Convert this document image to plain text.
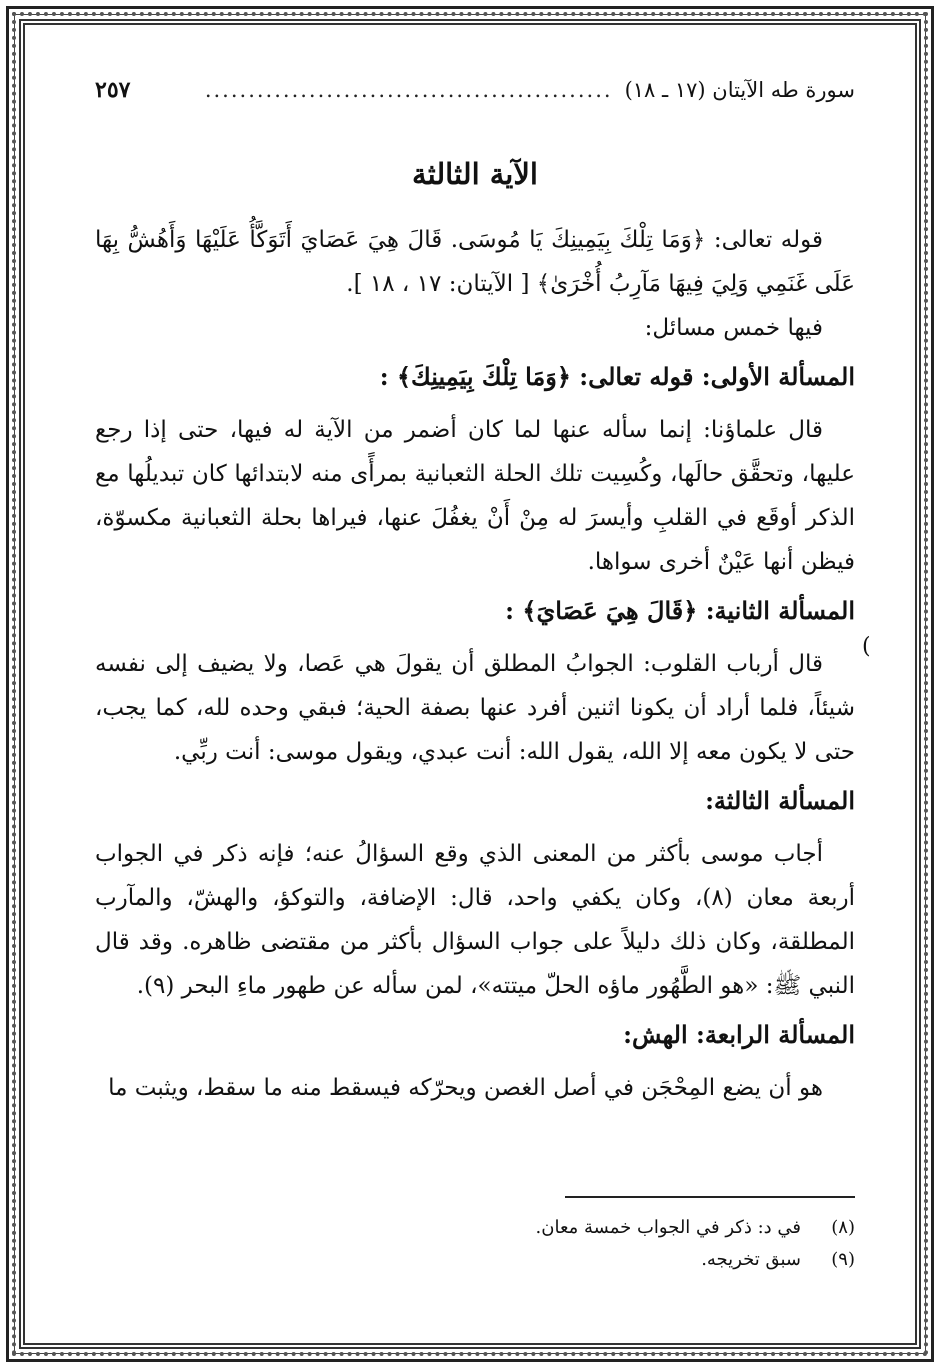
سورة طه الآيتان (١٧ ـ ١٨)
...............................................
٢٥٧
الآية الثالثة

قوله تعالى: ﴿وَمَا تِلْكَ بِيَمِينِكَ يَا مُوسَى. قَالَ هِيَ عَصَايَ أَتَوَكَّأُ عَلَيْهَا وَأَهُشُّ بِهَا عَلَى غَنَمِي وَلِيَ فِيهَا مَآرِبُ أُخْرَىٰ﴾ [ الآيتان: ١٧ ، ١٨ ].

فيها خمس مسائل:

المسألة الأولى: قوله تعالى: ﴿وَمَا تِلْكَ بِيَمِينِكَ﴾ :

قال علماؤنا: إنما سأله عنها لما كان أضمر من الآية له فيها، حتى إذا رجع عليها، وتحقَّق حالَها، وكُسِيت تلك الحلة الثعبانية بمرأًى منه لابتدائها كان تبديلُها مع الذكر أوقَع في القلبِ وأيسرَ له مِنْ أَنْ يغفُلَ عنها، فيراها بحلة الثعبانية مكسوّة، فيظن أنها عَيْنٌ أخرى سواها.

المسألة الثانية: ﴿قَالَ هِيَ عَصَايَ﴾ :

قال أرباب القلوب: الجوابُ المطلق أن يقولَ هي عَصا، ولا يضيف إلى نفسه شيئاً، فلما أراد أن يكونا اثنين أفرد عنها بصفة الحية؛ فبقي وحده لله، كما يجب، حتى لا يكون معه إلا الله، يقول الله: أنت عبدي، ويقول موسى: أنت ربِّي.

المسألة الثالثة:

أجاب موسى بأكثر من المعنى الذي وقع السؤالُ عنه؛ فإنه ذكر في الجواب أربعة معان (٨)، وكان يكفي واحد، قال: الإضافة، والتوكؤ، والهشّ، والمآرب المطلقة، وكان ذلك دليلاً على جواب السؤال بأكثر من مقتضى ظاهره. وقد قال النبي ﷺ: «هو الطَّهُور ماؤه الحلّ ميتته»، لمن سأله عن طهور ماءِ البحر (٩).

المسألة الرابعة: الهش:

هو أن يضع المِحْجَن في أصل الغصن ويحرّكه فيسقط منه ما سقط، ويثبت ما

(
(٨)
في د: ذكر في الجواب خمسة معان.
(٩)
سبق تخريجه.
